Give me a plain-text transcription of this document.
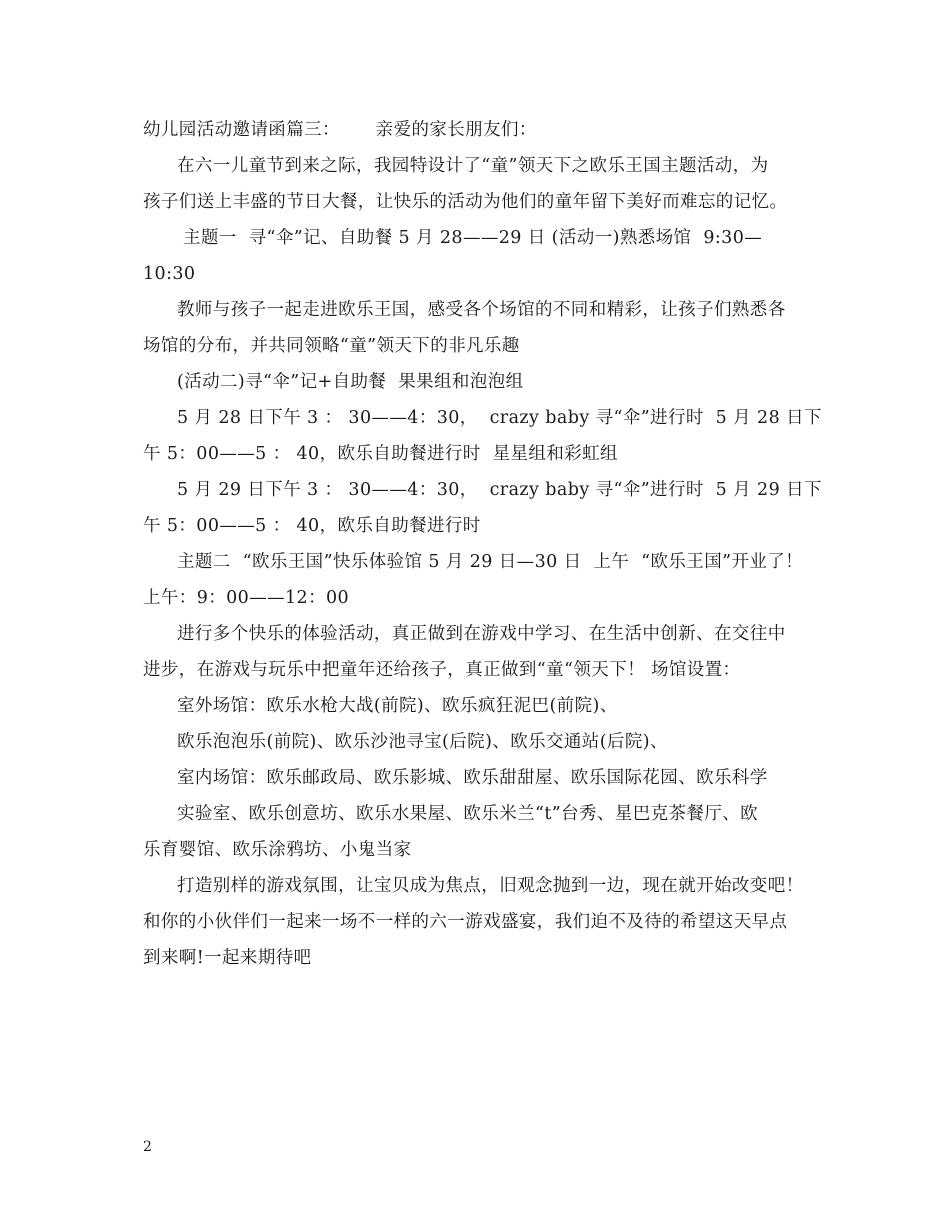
幼儿园活动邀请函篇三：      亲爱的家长朋友们：
在六一儿童节到来之际，我园特设计了“童”领天下之欧乐王国主题活动，为
孩子们送上丰盛的节日大餐，让快乐的活动为他们的童年留下美好而难忘的记忆。
主题一  寻“伞”记、自助餐 5 月 28——29 日 (活动一)熟悉场馆  9:30—
10:30
教师与孩子一起走进欧乐王国，感受各个场馆的不同和精彩，让孩子们熟悉各
场馆的分布，并共同领略“童”领天下的非凡乐趣
(活动二)寻“伞”记+自助餐  果果组和泡泡组
5 月 28 日下午 3 ： 30——4：30，  crazy baby 寻“伞”进行时  5 月 28 日下
午 5：00——5 ： 40，欧乐自助餐进行时  星星组和彩虹组
5 月 29 日下午 3 ： 30——4：30，  crazy baby 寻“伞”进行时  5 月 29 日下
午 5：00——5 ： 40，欧乐自助餐进行时
主题二  “欧乐王国”快乐体验馆 5 月 29 日—30 日  上午  “欧乐王国”开业了！
上午：9：00——12：00
进行多个快乐的体验活动，真正做到在游戏中学习、在生活中创新、在交往中
进步，在游戏与玩乐中把童年还给孩子，真正做到“童“领天下！ 场馆设置：
室外场馆：欧乐水枪大战(前院)、欧乐疯狂泥巴(前院)、
欧乐泡泡乐(前院)、欧乐沙池寻宝(后院)、欧乐交通站(后院)、
室内场馆：欧乐邮政局、欧乐影城、欧乐甜甜屋、欧乐国际花园、欧乐科学
实验室、欧乐创意坊、欧乐水果屋、欧乐米兰“t”台秀、星巴克茶餐厅、欧
乐育婴馆、欧乐涂鸦坊、小鬼当家
打造别样的游戏氛围，让宝贝成为焦点，旧观念抛到一边，现在就开始改变吧！
和你的小伙伴们一起来一场不一样的六一游戏盛宴，我们迫不及待的希望这天早点
到来啊!一起来期待吧
2
